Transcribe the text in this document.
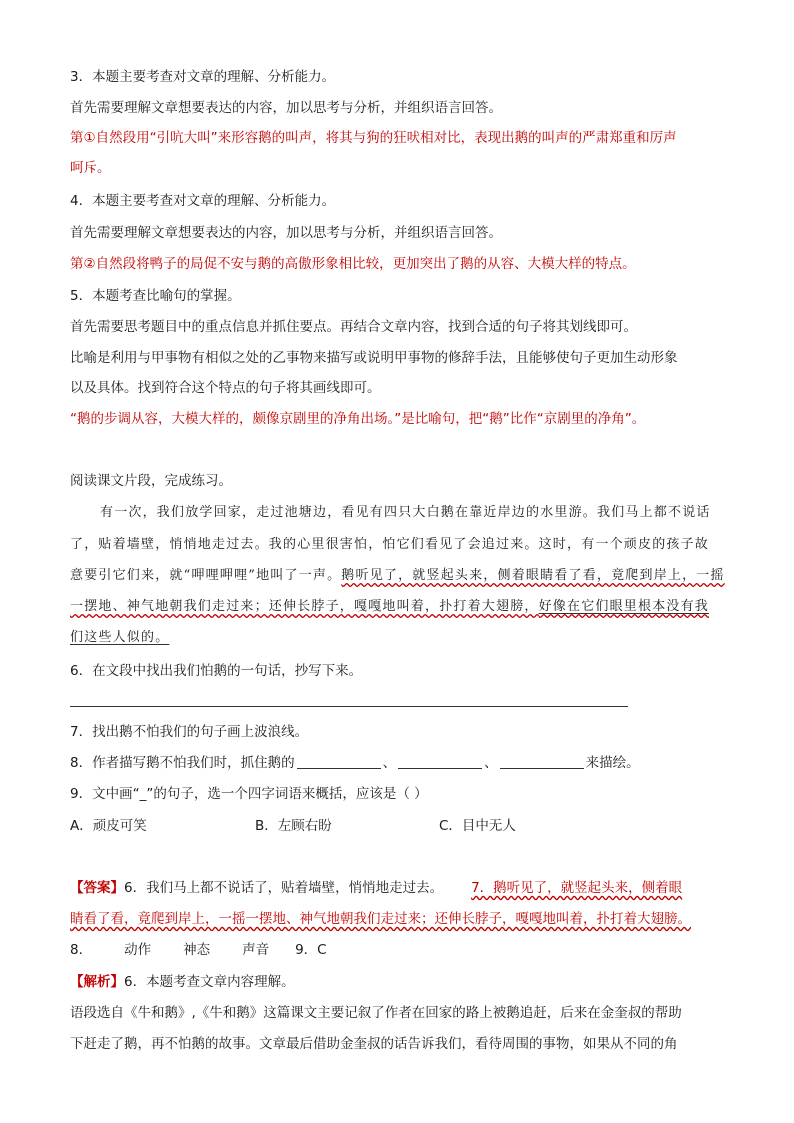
3．本题主要考查对文章的理解、分析能力。
首先需要理解文章想要表达的内容，加以思考与分析，并组织语言回答。
第①自然段用“引吭大叫”来形容鹅的叫声，将其与狗的狂吠相对比，表现出鹅的叫声的严肃郑重和厉声
呵斥。
4．本题主要考查对文章的理解、分析能力。
首先需要理解文章想要表达的内容，加以思考与分析，并组织语言回答。
第②自然段将鸭子的局促不安与鹅的高傲形象相比较，更加突出了鹅的从容、大模大样的特点。
5．本题考查比喻句的掌握。
首先需要思考题目中的重点信息并抓住要点。再结合文章内容，找到合适的句子将其划线即可。
比喻是利用与甲事物有相似之处的乙事物来描写或说明甲事物的修辞手法，且能够使句子更加生动形象
以及具体。找到符合这个特点的句子将其画线即可。
“鹅的步调从容，大模大样的，颇像京剧里的净角出场。”是比喻句，把“鹅”比作“京剧里的净角”。
阅读课文片段，完成练习。
有一次，我们放学回家，走过池塘边，看见有四只大白鹅在靠近岸边的水里游。我们马上都不说话
了，贴着墙壁，悄悄地走过去。我的心里很害怕，怕它们看见了会追过来。这时，有一个顽皮的孩子故
意要引它们来，就“呷哩呷哩”地叫了一声。鹅听见了，就竖起头来，侧着眼睛看了看，竟爬到岸上，一摇
一摆地、神气地朝我们走过来；还伸长脖子，嘎嘎地叫着，扑打着大翅膀，好像在它们眼里根本没有我
们这些人似的。
6．在文段中找出我们怕鹅的一句话，抄写下来。
7．找出鹅不怕我们的句子画上波浪线。
8．作者描写鹅不怕我们时，抓住鹅的	、	、	来描绘。
9．文中画“_”的句子，选一个四字词语来概括，应该是（ ）
A．顽皮可笑	B．左顾右盼	C．目中无人
【答案】6．我们马上都不说话了，贴着墙壁，悄悄地走过去。 7．鹅听见了，就竖起头来，侧着眼
睛看了看，竟爬到岸上，一摇一摆地、神气地朝我们走过来；还伸长脖子，嘎嘎地叫着，扑打着大翅膀。
8． 动作 神态 声音 9．C
【解析】6．本题考查文章内容理解。
语段选自《牛和鹅》,《牛和鹅》这篇课文主要记叙了作者在回家的路上被鹅追赶，后来在金奎叔的帮助
下赶走了鹅，再不怕鹅的故事。文章最后借助金奎叔的话告诉我们，看待周围的事物，如果从不同的角
